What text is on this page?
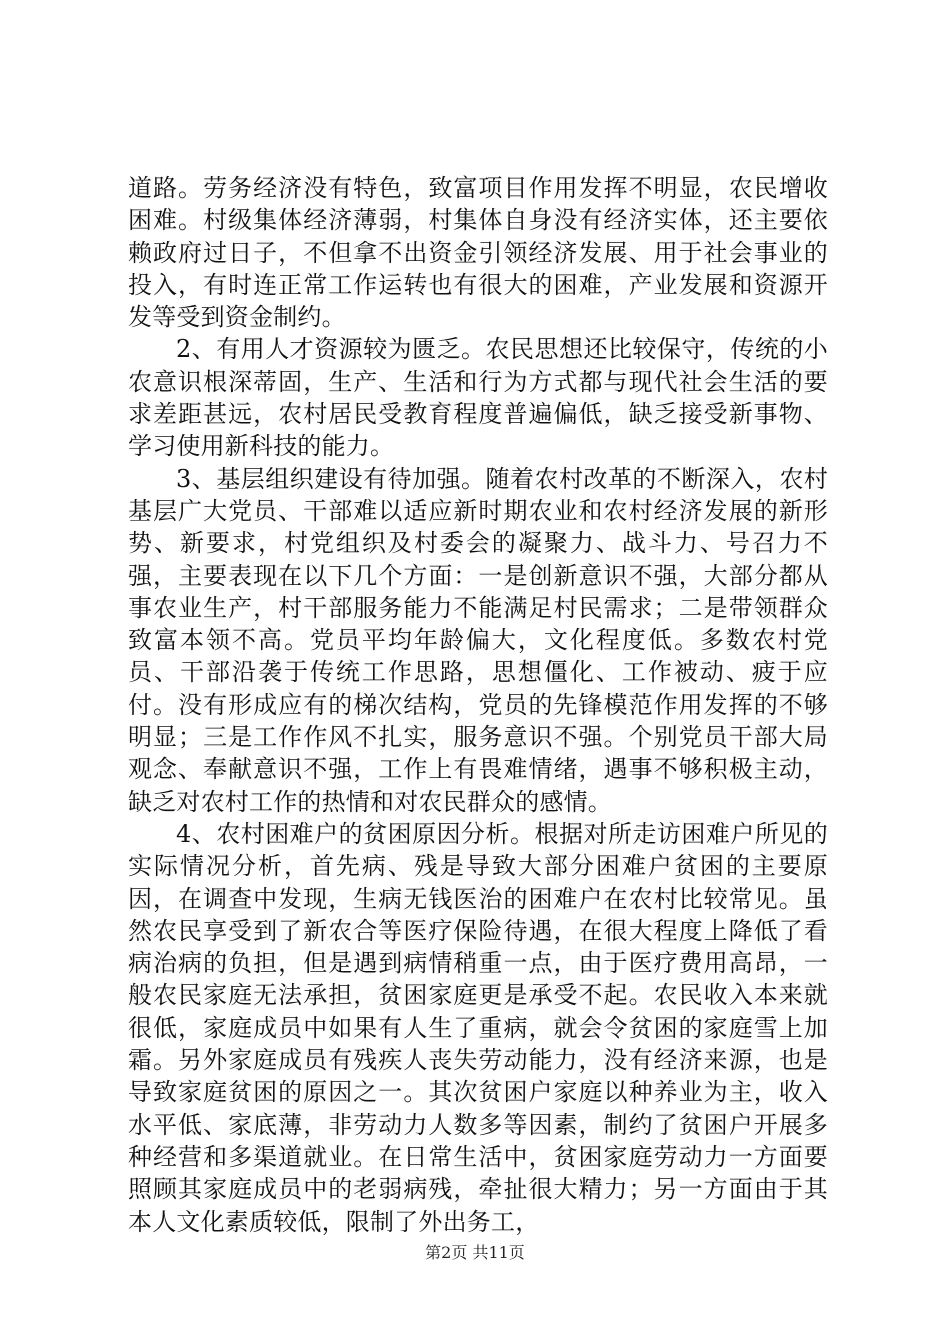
道路。劳务经济没有特色，致富项目作用发挥不明显，农民增收困难。村级集体经济薄弱，村集体自身没有经济实体，还主要依赖政府过日子，不但拿不出资金引领经济发展、用于社会事业的投入，有时连正常工作运转也有很大的困难，产业发展和资源开发等受到资金制约。

2、有用人才资源较为匮乏。农民思想还比较保守，传统的小农意识根深蒂固，生产、生活和行为方式都与现代社会生活的要求差距甚远，农村居民受教育程度普遍偏低，缺乏接受新事物、学习使用新科技的能力。

3、基层组织建设有待加强。随着农村改革的不断深入，农村基层广大党员、干部难以适应新时期农业和农村经济发展的新形势、新要求，村党组织及村委会的凝聚力、战斗力、号召力不强，主要表现在以下几个方面：一是创新意识不强，大部分都从事农业生产，村干部服务能力不能满足村民需求；二是带领群众致富本领不高。党员平均年龄偏大，文化程度低。多数农村党员、干部沿袭于传统工作思路，思想僵化、工作被动、疲于应付。没有形成应有的梯次结构，党员的先锋模范作用发挥的不够明显；三是工作作风不扎实，服务意识不强。个别党员干部大局观念、奉献意识不强，工作上有畏难情绪，遇事不够积极主动，缺乏对农村工作的热情和对农民群众的感情。

4、农村困难户的贫困原因分析。根据对所走访困难户所见的实际情况分析，首先病、残是导致大部分困难户贫困的主要原因，在调查中发现，生病无钱医治的困难户在农村比较常见。虽然农民享受到了新农合等医疗保险待遇，在很大程度上降低了看病治病的负担，但是遇到病情稍重一点，由于医疗费用高昂，一般农民家庭无法承担，贫困家庭更是承受不起。农民收入本来就很低，家庭成员中如果有人生了重病，就会令贫困的家庭雪上加霜。另外家庭成员有残疾人丧失劳动能力，没有经济来源，也是导致家庭贫困的原因之一。其次贫困户家庭以种养业为主，收入水平低、家底薄，非劳动力人数多等因素，制约了贫困户开展多种经营和多渠道就业。在日常生活中，贫困家庭劳动力一方面要照顾其家庭成员中的老弱病残，牵扯很大精力；另一方面由于其本人文化素质较低，限制了外出务工，

第2页 共11页
